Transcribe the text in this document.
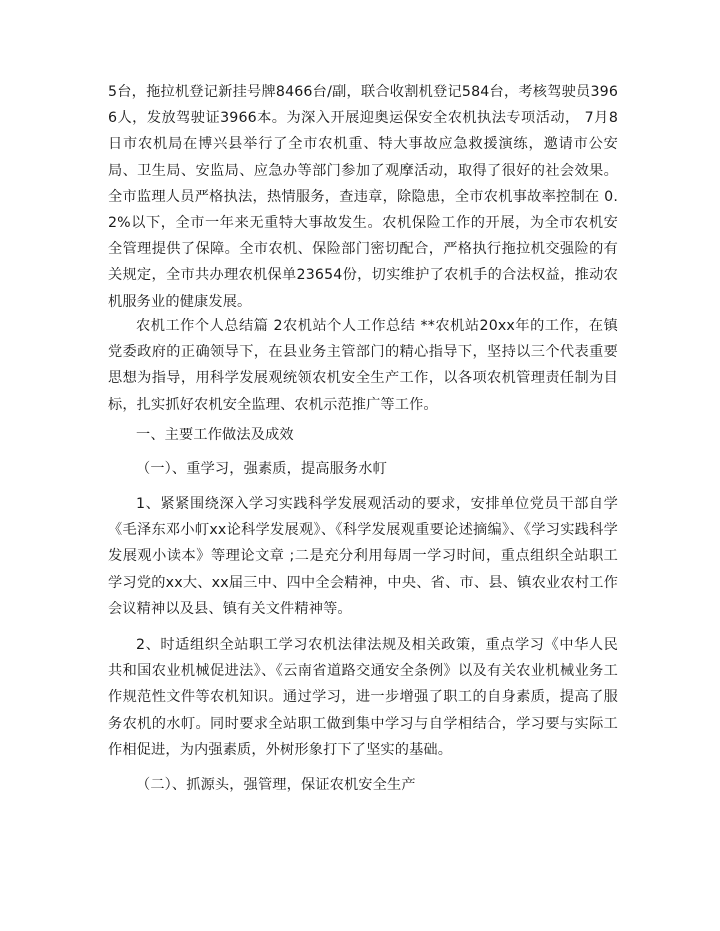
5台，拖拉机登记新挂号牌8466台/副，联合收割机登记584台，考核驾驶员3966人，发放驾驶证3966本。为深入开展迎奥运保安全农机执法专项活动， 7月8日市农机局在博兴县举行了全市农机重、特大事故应急救援演练，邀请市公安局、卫生局、安监局、应急办等部门参加了观摩活动，取得了很好的社会效果。全市监理人员严格执法，热情服务，查违章，除隐患，全市农机事故率控制在 0.2%以下，全市一年来无重特大事故发生。农机保险工作的开展，为全市农机安全管理提供了保障。全市农机、保险部门密切配合，严格执行拖拉机交强险的有关规定，全市共办理农机保单23654份，切实维护了农机手的合法权益，推动农机服务业的健康发展。

农机工作个人总结篇 2农机站个人工作总结 **农机站20xx年的工作，在镇党委政府的正确领导下，在县业务主管部门的精心指导下，坚持以三个代表重要思想为指导，用科学发展观统领农机安全生产工作，以各项农机管理责任制为目标，扎实抓好农机安全监理、农机示范推广等工作。

一、主要工作做法及成效

（一）、重学习，强素质，提高服务水帄

1、紧紧围绕深入学习实践科学发展观活动的要求，安排单位党员干部自学《毛泽东邓小帄xx论科学发展观》、《科学发展观重要论述摘编》、《学习实践科学发展观小读本》等理论文章 ;二是充分利用每周一学习时间，重点组织全站职工学习党的xx大、xx届三中、四中全会精神，中央、省、市、县、镇农业农村工作会议精神以及县、镇有关文件精神等。

2、时适组织全站职工学习农机法律法规及相关政策，重点学习《中华人民共和国农业机械促进法》、《云南省道路交通安全条例》以及有关农业机械业务工作规范性文件等农机知识。通过学习，进一步增强了职工的自身素质，提高了服务农机的水帄。同时要求全站职工做到集中学习与自学相结合，学习要与实际工作相促进，为内强素质，外树形象打下了坚实的基础。

（二）、抓源头，强管理，保证农机安全生产
